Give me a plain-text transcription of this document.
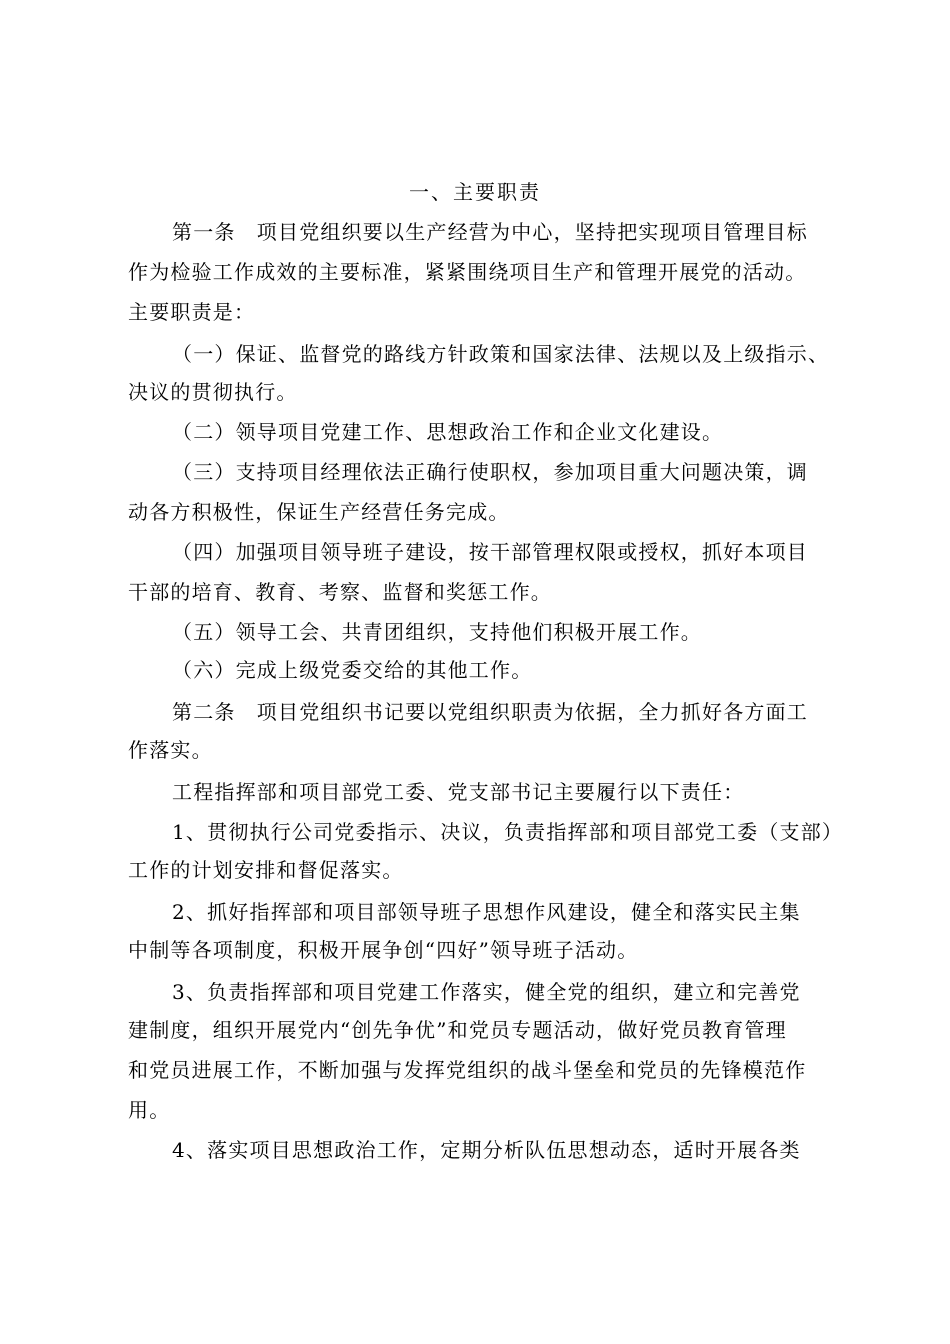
一、主要职责
第一条　项目党组织要以生产经营为中心，坚持把实现项目管理目标
作为检验工作成效的主要标准，紧紧围绕项目生产和管理开展党的活动。
主要职责是：
（一）保证、监督党的路线方针政策和国家法律、法规以及上级指示、
决议的贯彻执行。
（二）领导项目党建工作、思想政治工作和企业文化建设。
（三）支持项目经理依法正确行使职权，参加项目重大问题决策，调
动各方积极性，保证生产经营任务完成。
（四）加强项目领导班子建设，按干部管理权限或授权，抓好本项目
干部的培育、教育、考察、监督和奖惩工作。
（五）领导工会、共青团组织，支持他们积极开展工作。
（六）完成上级党委交给的其他工作。
第二条　项目党组织书记要以党组织职责为依据，全力抓好各方面工
作落实。
工程指挥部和项目部党工委、党支部书记主要履行以下责任：
1、贯彻执行公司党委指示、决议，负责指挥部和项目部党工委（支部）
工作的计划安排和督促落实。
2、抓好指挥部和项目部领导班子思想作风建设，健全和落实民主集
中制等各项制度，积极开展争创“四好”领导班子活动。
3、负责指挥部和项目党建工作落实，健全党的组织，建立和完善党
建制度，组织开展党内“创先争优”和党员专题活动，做好党员教育管理
和党员进展工作，不断加强与发挥党组织的战斗堡垒和党员的先锋模范作
用。
4、落实项目思想政治工作，定期分析队伍思想动态，适时开展各类
